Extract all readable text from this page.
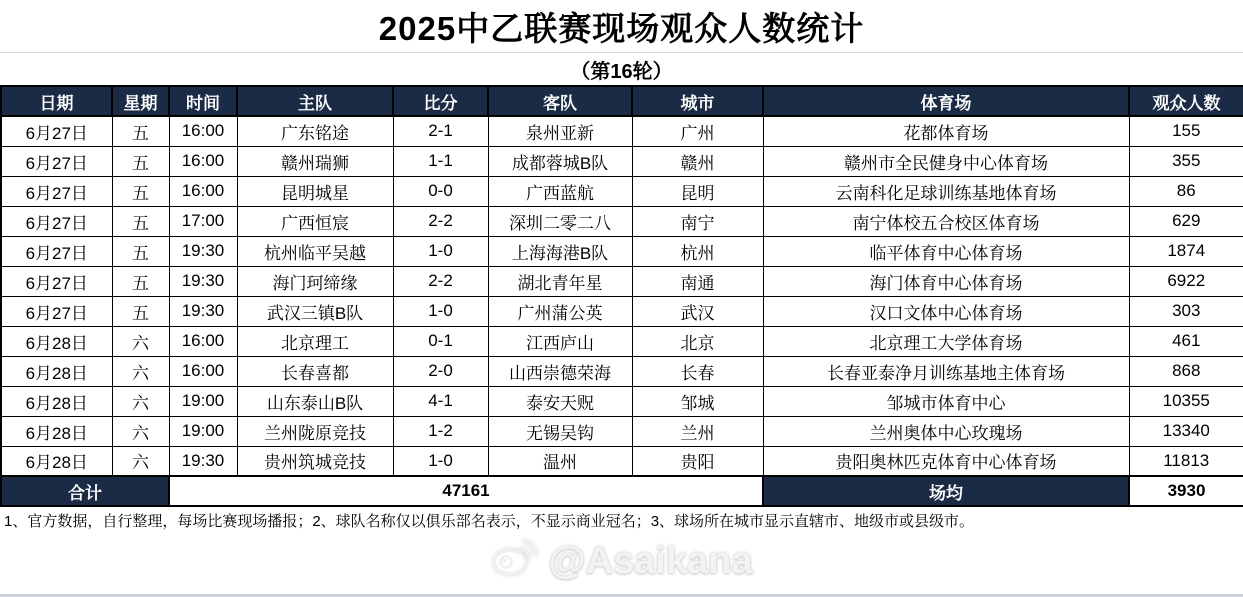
2025中乙联赛现场观众人数统计
（第16轮）
日期	星期	时间	主队	比分	客队	城市	体育场	观众人数
6月27日	五	16:00	广东铭途	2-1	泉州亚新	广州	花都体育场	155
6月27日	五	16:00	赣州瑞狮	1-1	成都蓉城B队	赣州	赣州市全民健身中心体育场	355
6月27日	五	16:00	昆明城星	0-0	广西蓝航	昆明	云南科化足球训练基地体育场	86
6月27日	五	17:00	广西恒宸	2-2	深圳二零二八	南宁	南宁体校五合校区体育场	629
6月27日	五	19:30	杭州临平吴越	1-0	上海海港B队	杭州	临平体育中心体育场	1874
6月27日	五	19:30	海门珂缔缘	2-2	湖北青年星	南通	海门体育中心体育场	6922
6月27日	五	19:30	武汉三镇B队	1-0	广州蒲公英	武汉	汉口文体中心体育场	303
6月28日	六	16:00	北京理工	0-1	江西庐山	北京	北京理工大学体育场	461
6月28日	六	16:00	长春喜都	2-0	山西崇德荣海	长春	长春亚泰净月训练基地主体育场	868
6月28日	六	19:00	山东泰山B队	4-1	泰安天贶	邹城	邹城市体育中心	10355
6月28日	六	19:00	兰州陇原竞技	1-2	无锡吴钩	兰州	兰州奥体中心玫瑰场	13340
6月28日	六	19:30	贵州筑城竞技	1-0	温州	贵阳	贵阳奥林匹克体育中心体育场	11813
合计		47161					场均	3930
1、官方数据，自行整理，每场比赛现场播报；2、球队名称仅以俱乐部名表示，不显示商业冠名；3、球场所在城市显示直辖市、地级市或县级市。
@Asaikana
